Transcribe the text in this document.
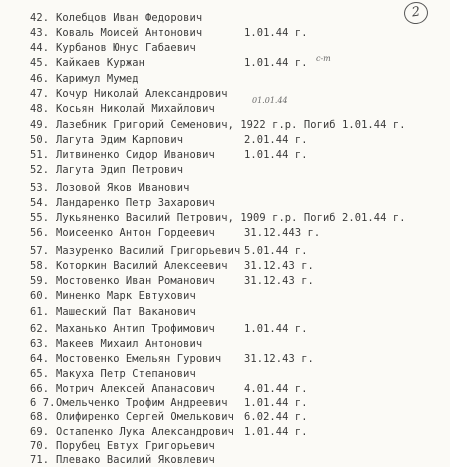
2
42. Колебцов Иван Федорович
43. Коваль Моисей Антонович	1.01.44 г.
44. Курбанов Юнус Габаевич
45. Кайкаев Куржан	1.01.44 г.
46. Каримул Мумед
47. Кочур Николай Александрович
48. Косьян Николай Михайлович
49. Лазебник Григорий Семенович, 1922 г.р. Погиб 1.01.44 г.
50. Лагута Эдим Карпович	2.01.44 г.
51. Литвиненко Сидор Иванович	1.01.44 г.
52. Лагута Эдип Петрович
53. Лозовой Яков Иванович
54. Ландаренко Петр Захарович
55. Лукьяненко Василий Петрович, 1909 г.р. Погиб 2.01.44 г.
56. Моисеенко Антон Гордеевич	31.12.443 г.
57. Мазуренко Василий Григорьевич 5.01.44 г.
58. Которкин Василий Алексеевич 31.12.43 г.
59. Мостовенко Иван Романович	31.12.43 г.
60. Миненко Марк Евтухович
61. Машеский Пат Ваканович
62. Маханько Антип Трофимович	1.01.44 г.
63. Макеев Михаил Антонович
64. Мостовенко Емельян Гурович 31.12.43 г.
65. Макуха Петр Степанович
66. Мотрич Алексей Апанасович	4.01.44 г.
6 7. Омельченко Трофим Андреевич 1.01.44 г.
68. Олифиренко Сергей Омелькович 6.02.44 г.
69. Остапенко Лука Александрович 1.01.44 г.
70. Порубец Евтух Григорьевич
71. Плевако Василий Яковлевич
с-т
01.01.44
